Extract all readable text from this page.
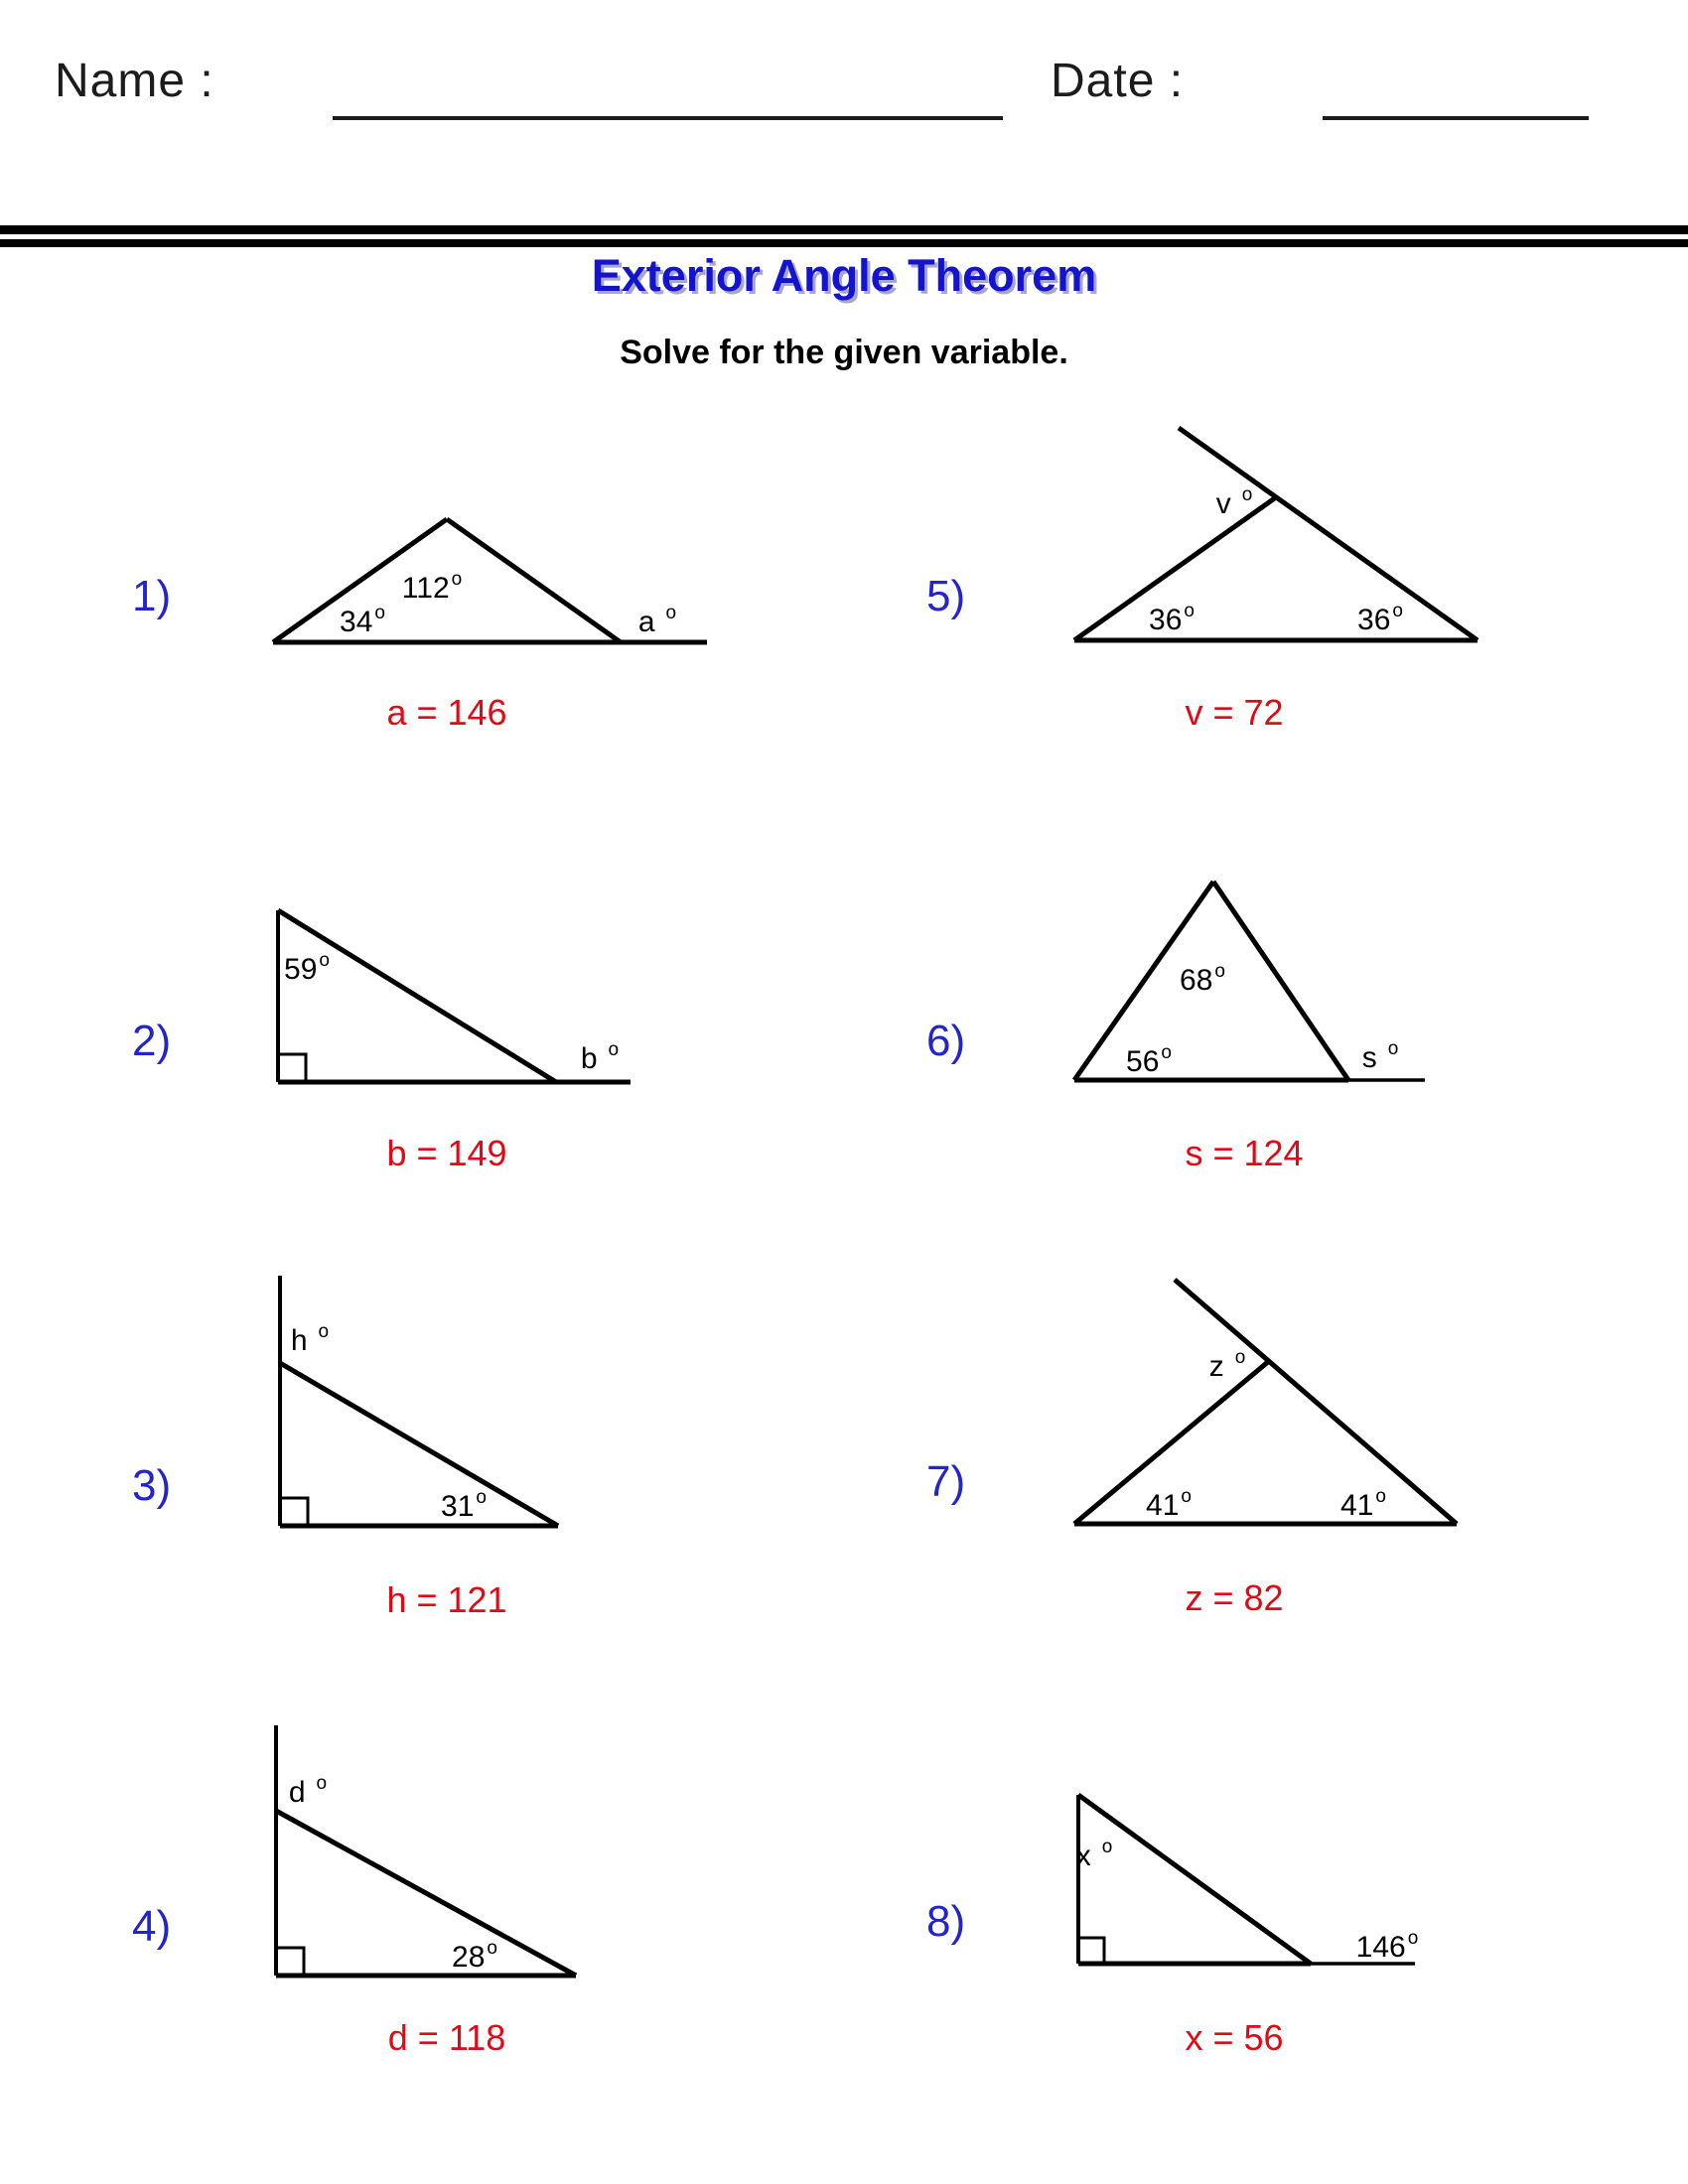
Name :	Date :
Exterior Angle Theorem
Solve for the given variable.
1)	112 $^o$
34 $^o$	a $^o$
a = 146
2)
59 $^o$
b $^o$
b = 149
3)
h $^o$
31 $^o$
h = 121
4)
d $^o$
28 $^o$
d = 118
5)
v $^o$
36 $^o$	36 $^o$
v = 72
6)
68 $^o$
56 $^o$	s $^o$
s = 124
7)
z $^o$
41 $^o$	41 $^o$
z = 82
8)
x $^o$
146 $^o$
x = 56
